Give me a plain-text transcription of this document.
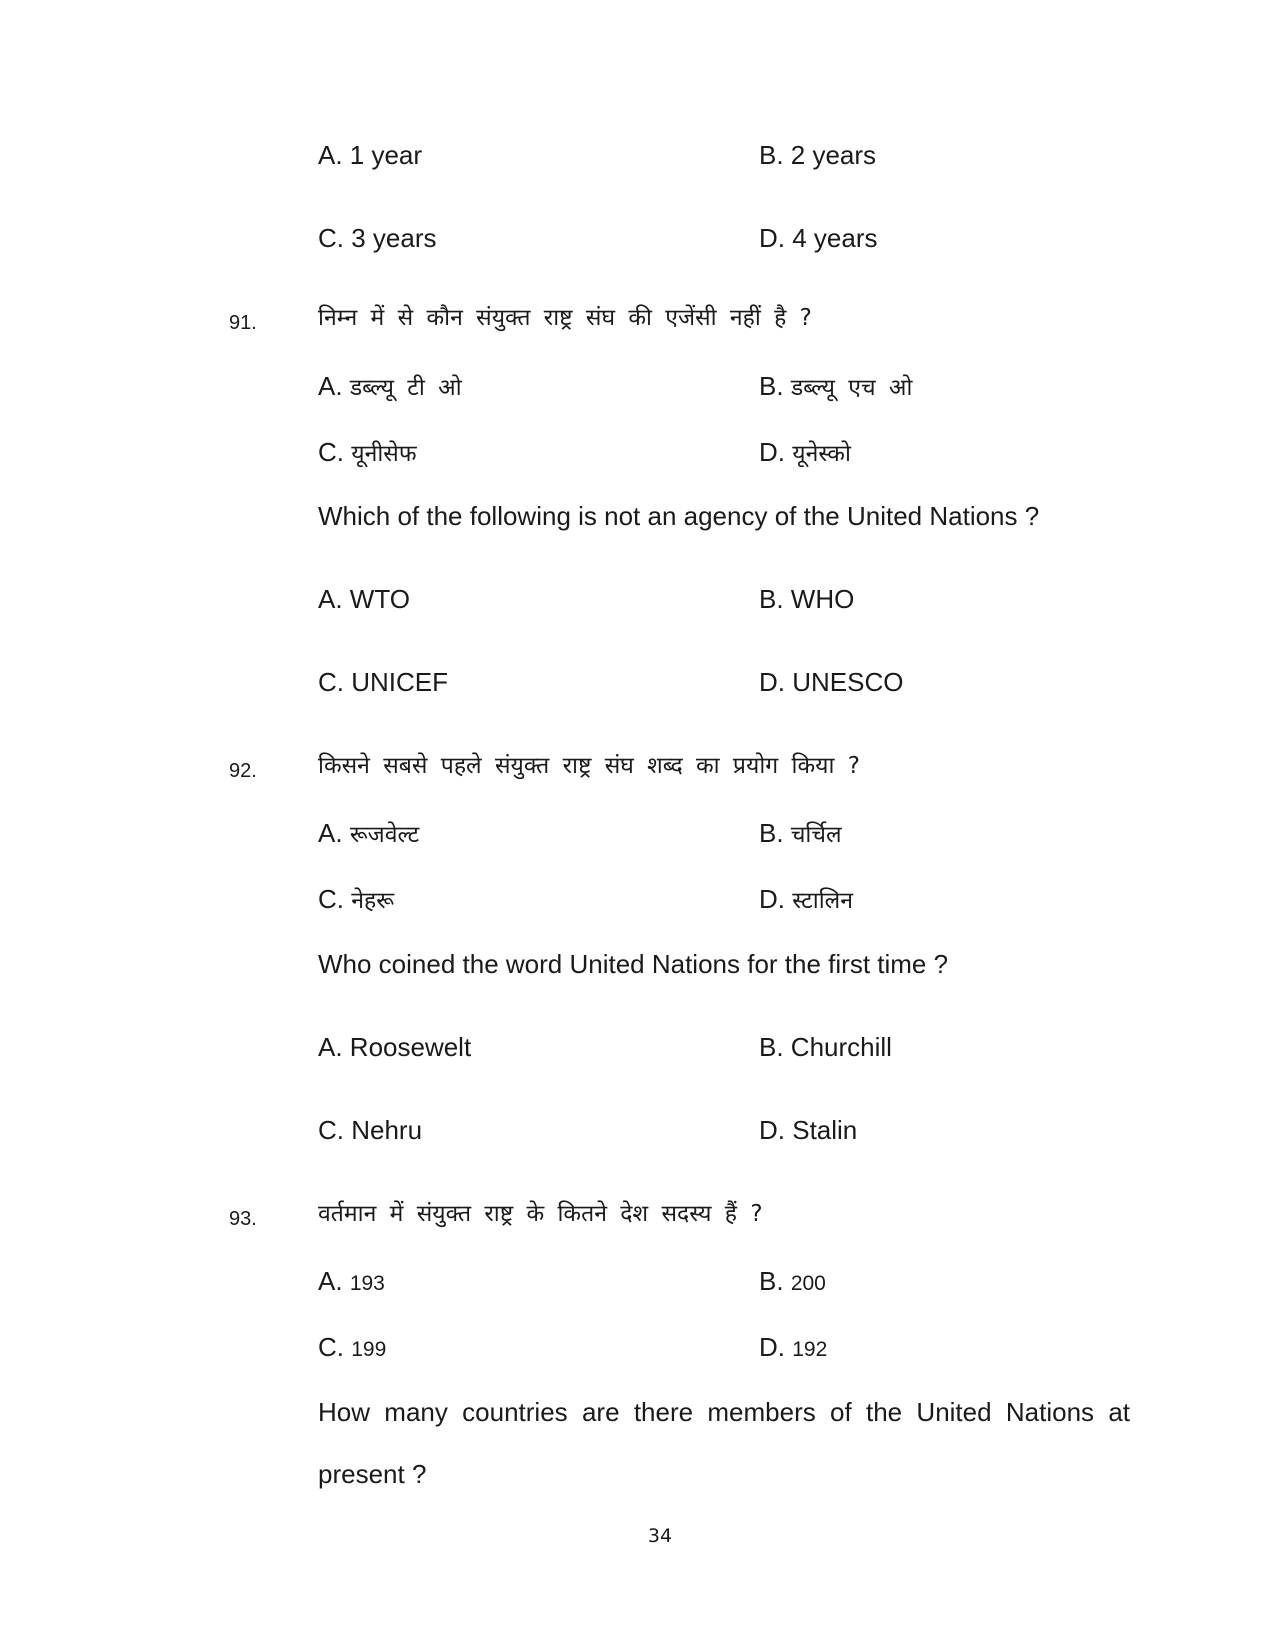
A. 1 year	B. 2 years
C. 3 years	D. 4 years
91.	निम्न में से कौन संयुक्त राष्ट्र संघ की एजेंसी नहीं है ?
A. डब्ल्यू टी ओ	B. डब्ल्यू एच ओ
C. यूनीसेफ	D. यूनेस्को
Which of the following is not an agency of the United Nations ?
A. WTO	B. WHO
C. UNICEF	D. UNESCO
92.	किसने सबसे पहले संयुक्त राष्ट्र संघ शब्द का प्रयोग किया ?
A. रूजवेल्ट	B. चर्चिल
C. नेहरू	D. स्टालिन
Who coined the word United Nations for the first time ?
A. Roosewelt	B. Churchill
C. Nehru	D. Stalin
93.	वर्तमान में संयुक्त राष्ट्र के कितने देश सदस्य हैं ?
A. 193	B. 200
C. 199	D. 192
How many countries are there members of the United Nations at
present ?
34
